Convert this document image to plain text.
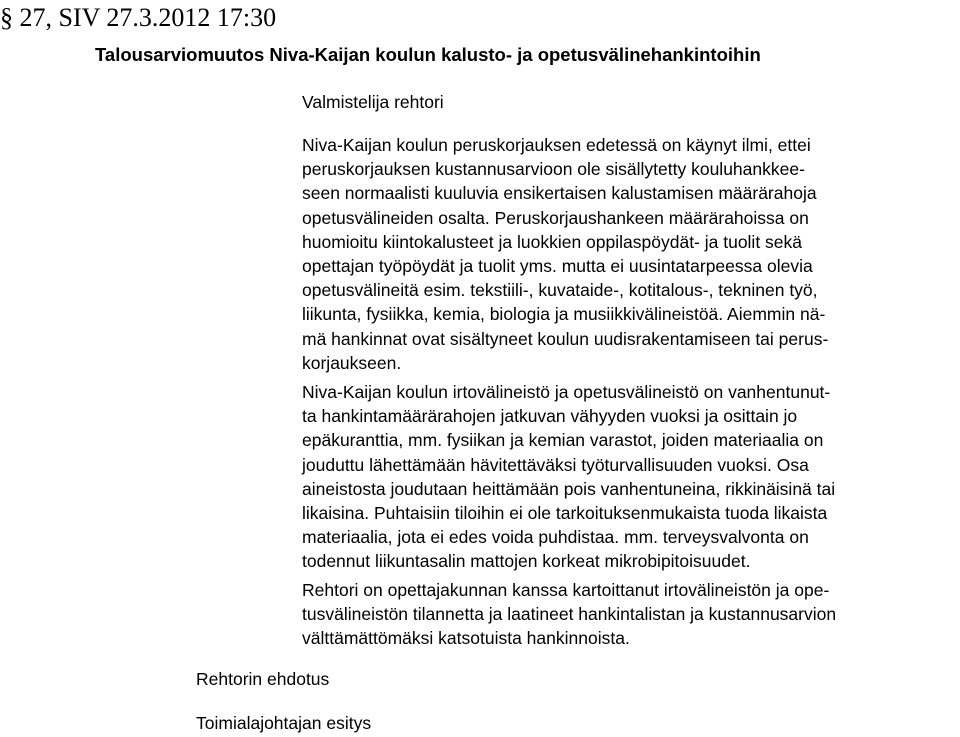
§ 27, SIV 27.3.2012 17:30
Talousarviomuutos Niva-Kaijan koulun kalusto- ja opetusvälinehankintoihin
Valmistelija rehtori

Niva-Kaijan koulun peruskorjauksen edetessä on käynyt ilmi, ettei
peruskorjauksen kustannusarvioon ole sisällytetty kouluhankkee-
seen normaalisti kuuluvia ensikertaisen kalustamisen määrärahoja
opetusvälineiden osalta. Peruskorjaushankeen määrärahoissa on
huomioitu kiintokalusteet ja luokkien oppilaspöydät- ja tuolit sekä
opettajan työpöydät ja tuolit yms. mutta ei uusintatarpeessa olevia
opetusvälineitä esim. tekstiili-, kuvataide-, kotitalous-, tekninen työ,
liikunta, fysiikka, kemia, biologia ja musiikkivälineistöä. Aiemmin nä-
mä hankinnat ovat sisältyneet koulun uudisrakentamiseen tai perus-
korjaukseen.

Niva-Kaijan koulun irtovälineistö ja opetusvälineistö on vanhentunut-
ta hankintamäärärahojen jatkuvan vähyyden vuoksi ja osittain jo
epäkuranttia, mm. fysiikan ja kemian varastot, joiden materiaalia on
jouduttu lähettämään hävitettäväksi työturvallisuuden vuoksi. Osa
aineistosta joudutaan heittämään pois vanhentuneina, rikkinäisinä tai
likaisina. Puhtaisiin tiloihin ei ole tarkoituksenmukaista tuoda likaista
materiaalia, jota ei edes voida puhdistaa. mm. terveysvalvonta on
todennut liikuntasalin mattojen korkeat mikrobipitoisuudet.

Rehtori on opettajakunnan kanssa kartoittanut irtovälineistön ja ope-
tusvälineistön tilannetta ja laatineet hankintalistan ja kustannusarvion
välttämättömäksi katsotuista hankinnoista.

Rehtorin ehdotus
Toimialajohtajan esitys
